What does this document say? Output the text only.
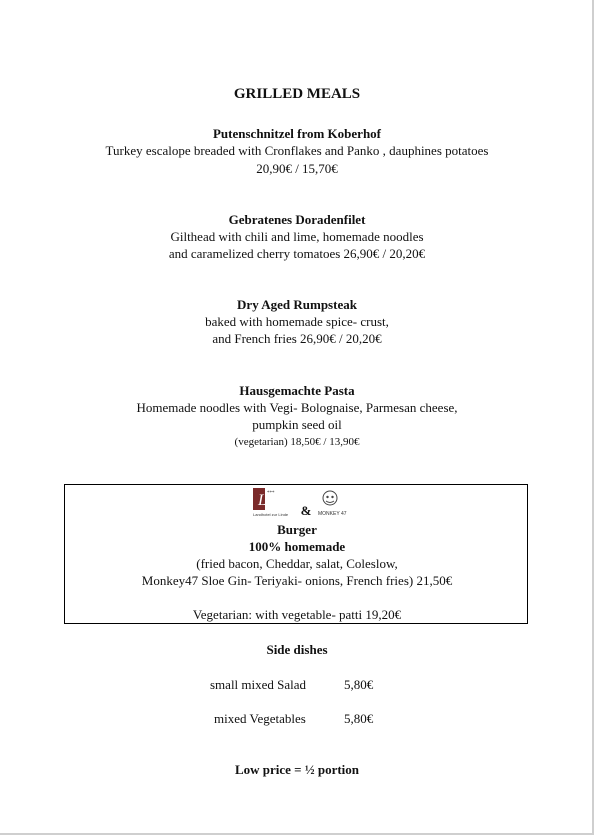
GRILLED MEALS
Putenschnitzel from Koberhof
Turkey escalope breaded with Cronflakes and Panko , dauphines potatoes
20,90€ / 15,70€
Gebratenes Doradenfilet
Gilthead with chili and lime, homemade noodles
and caramelized cherry tomatoes 26,90€ / 20,20€
Dry Aged Rumpsteak
baked with homemade spice- crust,
and French fries 26,90€ / 20,20€
Hausgemachte Pasta
Homemade noodles with Vegi- Bolognaise, Parmesan cheese,
pumpkin seed oil
(vegetarian) 18,50€ / 13,90€
L ***
Landhotel zur Linde &	MONKEY 47
Burger
100% homemade
(fried bacon, Cheddar, salat, Coleslow,
Monkey47 Sloe Gin- Teriyaki- onions, French fries) 21,50€
Vegetarian: with vegetable- patti 19,20€
Side dishes
small mixed Salad	5,80€
mixed Vegetables	5,80€
Low price = ½ portion
